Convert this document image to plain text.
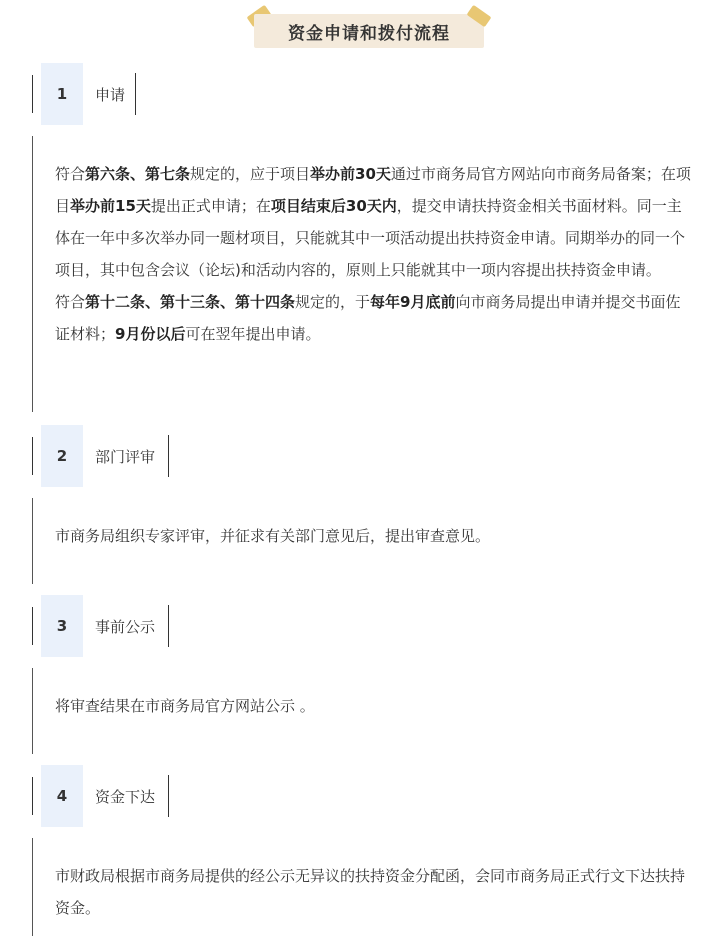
资金申请和拨付流程
1	申请

符合第六条、第七条规定的，应于项目举办前30天通过市商务局官方网站向市商务局备案；在项目举办前15天提出正式申请；在项目结束后30天内，提交申请扶持资金相关书面材料。同一主体在一年中多次举办同一题材项目，只能就其中一项活动提出扶持资金申请。同期举办的同一个项目，其中包含会议（论坛)和活动内容的，原则上只能就其中一项内容提出扶持资金申请。

符合第十二条、第十三条、第十四条规定的，于每年9月底前向市商务局提出申请并提交书面佐证材料；9月份以后可在翌年提出申请。

2	部门评审

市商务局组织专家评审，并征求有关部门意见后，提出审查意见。

3	事前公示

将审查结果在市商务局官方网站公示 。

4	资金下达

市财政局根据市商务局提供的经公示无异议的扶持资金分配函，会同市商务局正式行文下达扶持资金。
